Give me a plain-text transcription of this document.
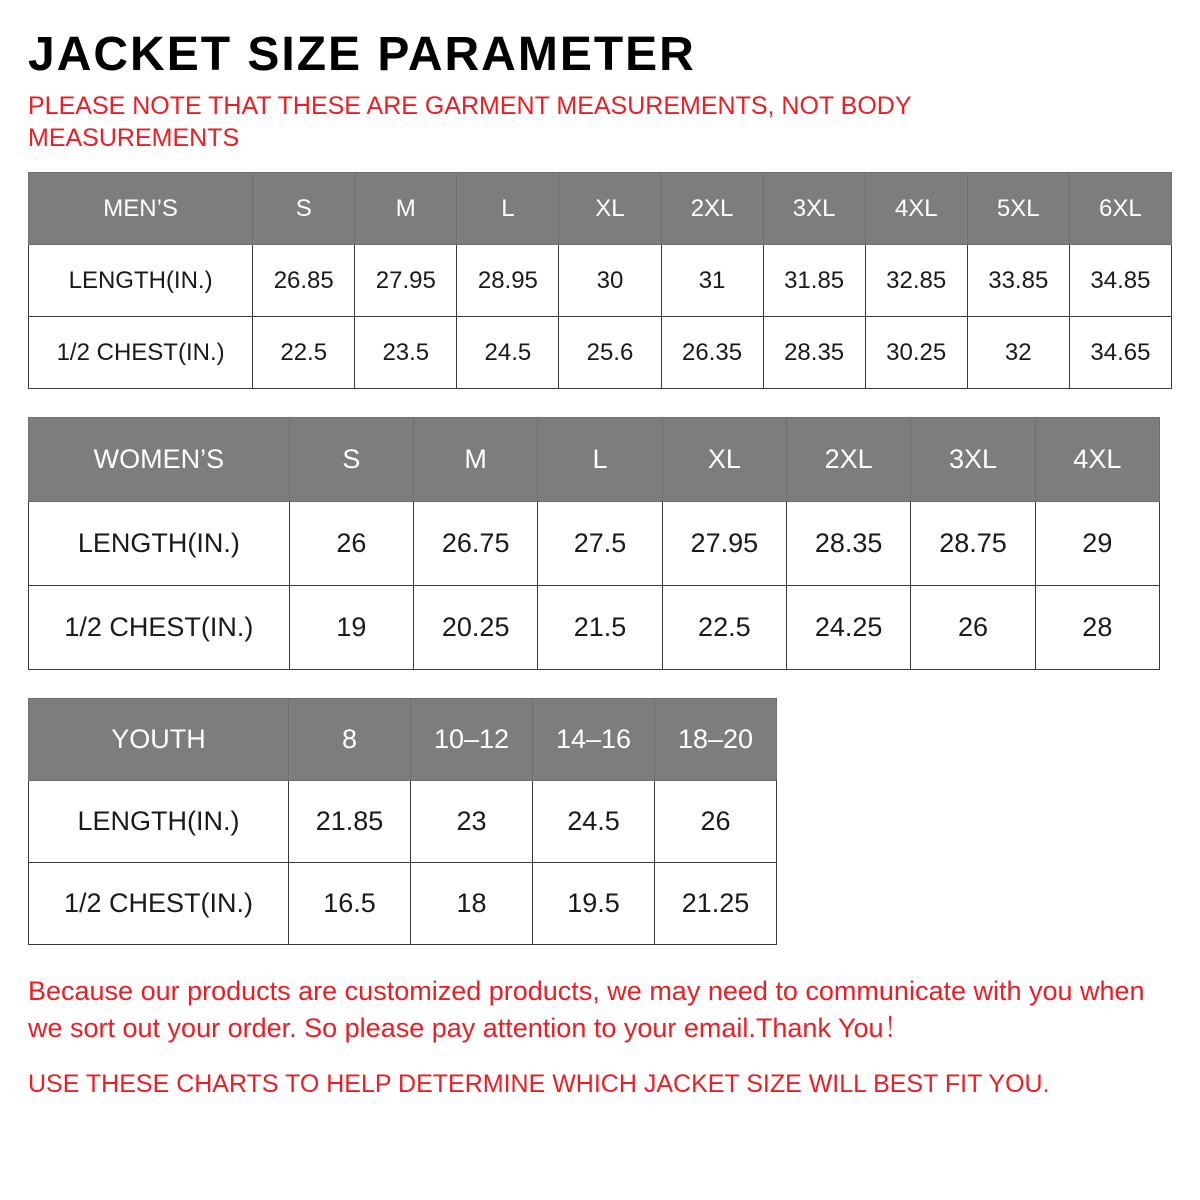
JACKET SIZE PARAMETER
PLEASE NOTE THAT THESE ARE GARMENT MEASUREMENTS, NOT BODY MEASUREMENTS
MEN’S	S	M	L	XL	2XL	3XL	4XL	5XL	6XL
LENGTH(IN.)	26.85	27.95	28.95	30	31	31.85	32.85	33.85	34.85
1/2 CHEST(IN.)	22.5	23.5	24.5	25.6	26.35	28.35	30.25	32	34.65
WOMEN’S	S	M	L	XL	2XL	3XL	4XL
LENGTH(IN.)	26	26.75	27.5	27.95	28.35	28.75	29
1/2 CHEST(IN.)	19	20.25	21.5	22.5	24.25	26	28
YOUTH	8	10–12	14–16	18–20
LENGTH(IN.)	21.85	23	24.5	26
1/2 CHEST(IN.)	16.5	18	19.5	21.25
Because our products are customized products, we may need to communicate with you when we sort out your order. So please pay attention to your email.Thank You！
USE THESE CHARTS TO HELP DETERMINE WHICH JACKET SIZE WILL BEST FIT YOU.
